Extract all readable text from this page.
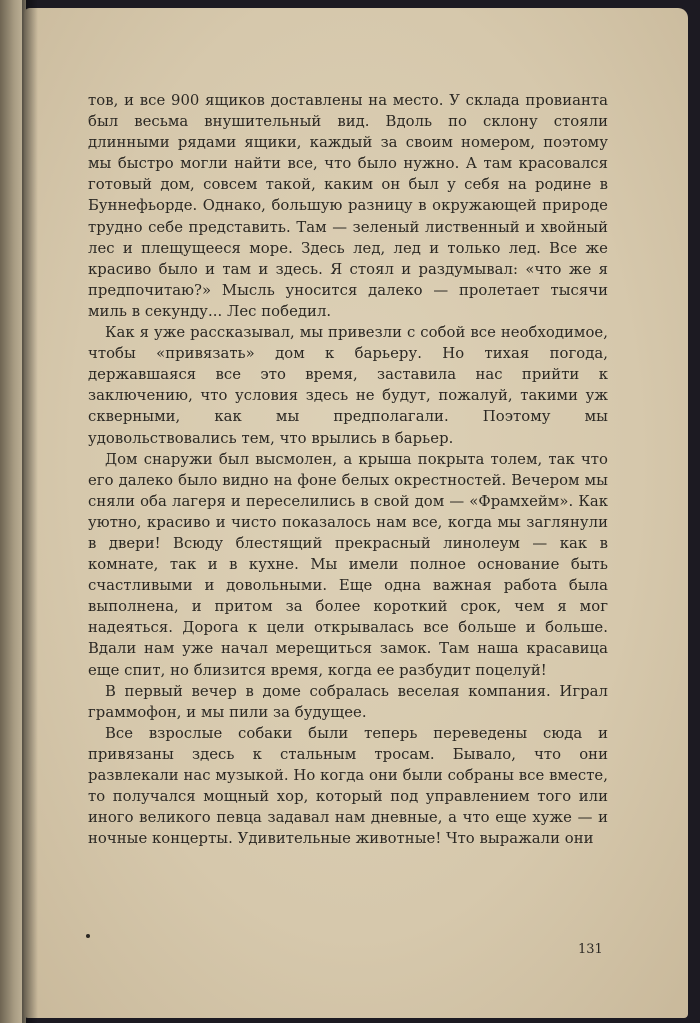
тов, и все 900 ящиков доставлены на место. У склада провианта был весьма внушительный вид. Вдоль по склону стояли длинными рядами ящики, каждый за своим номером, поэтому мы быстро могли найти все, что было нужно. А там красовался готовый дом, совсем такой, каким он был у себя на родине в Буннефьорде. Однако, большую разницу в окружающей природе трудно себе представить. Там — зеленый лиственный и хвойный лес и плещущееся море. Здесь лед, лед и только лед. Все же красиво было и там и здесь. Я стоял и раздумывал: «что же я предпочитаю?» Мысль уносится далеко — пролетает тысячи миль в секунду... Лес победил.

Как я уже рассказывал, мы привезли с собой все необходимое, чтобы «привязать» дом к барьеру. Но тихая погода, державшаяся все это время, заставила нас прийти к заключению, что условия здесь не будут, пожалуй, такими уж скверными, как мы предполагали. Поэтому мы удовольствовались тем, что врылись в барьер.

Дом снаружи был высмолен, а крыша покрыта толем, так что его далеко было видно на фоне белых окрестностей. Вечером мы сняли оба лагеря и переселились в свой дом — «Фрамхейм». Как уютно, красиво и чисто показалось нам все, когда мы заглянули в двери! Всюду блестящий прекрасный линолеум — как в комнате, так и в кухне. Мы имели полное основание быть счастливыми и довольными. Еще одна важная работа была выполнена, и притом за более короткий срок, чем я мог надеяться. Дорога к цели открывалась все больше и больше. Вдали нам уже начал мерещиться замок. Там наша красавица еще спит, но близится время, когда ее разбудит поцелуй!

В первый вечер в доме собралась веселая компания. Играл граммофон, и мы пили за будущее.

Все взрослые собаки были теперь переведены сюда и привязаны здесь к стальным тросам. Бывало, что они развлекали нас музыкой. Но когда они были собраны все вместе, то получался мощный хор, который под управлением того или иного великого певца задавал нам дневные, а что еще хуже — и ночные концерты. Удивительные животные! Что выражали они

131
